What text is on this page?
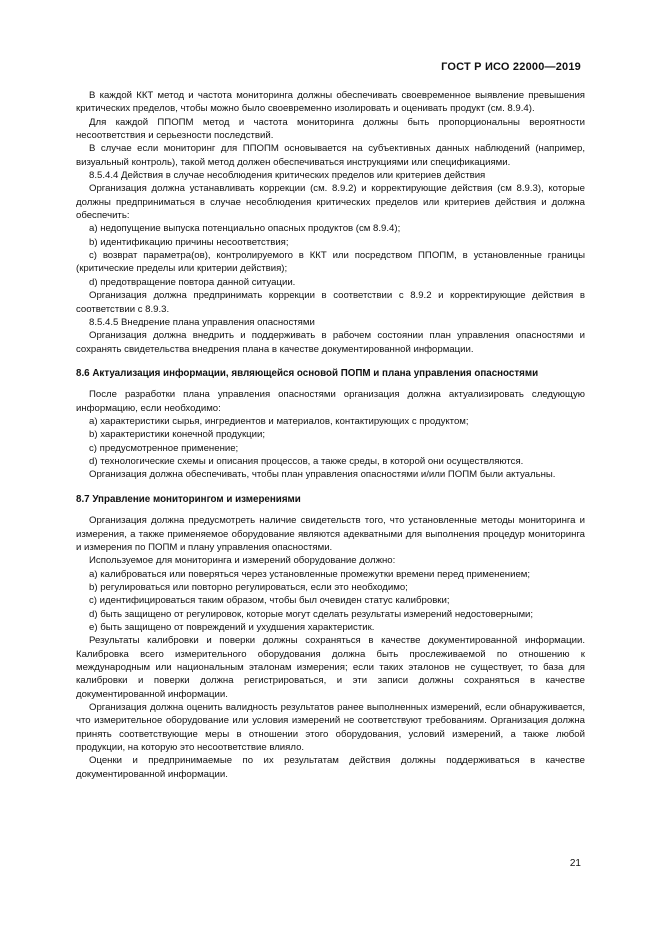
ГОСТ Р ИСО 22000—2019

В каждой ККТ метод и частота мониторинга должны обеспечивать своевременное выявление превышения критических пределов, чтобы можно было своевременно изолировать и оценивать продукт (см. 8.9.4).

Для каждой ППОПМ метод и частота мониторинга должны быть пропорциональны вероятности несоответствия и серьезности последствий.

В случае если мониторинг для ППОПМ основывается на субъективных данных наблюдений (например, визуальный контроль), такой метод должен обеспечиваться инструкциями или спецификациями.

8.5.4.4 Действия в случае несоблюдения критических пределов или критериев действия

Организация должна устанавливать коррекции (см. 8.9.2) и корректирующие действия (см 8.9.3), которые должны предприниматься в случае несоблюдения критических пределов или критериев действия и должна обеспечить:

а) недопущение выпуска потенциально опасных продуктов (см 8.9.4);

b) идентификацию причины несоответствия;

с) возврат параметра(ов), контролируемого в ККТ или посредством ППОПМ, в установленные границы (критические пределы или критерии действия);

d) предотвращение повтора данной ситуации.

Организация должна предпринимать коррекции в соответствии с 8.9.2 и корректирующие действия в соответствии с 8.9.3.

8.5.4.5 Внедрение плана управления опасностями

Организация должна внедрить и поддерживать в рабочем состоянии план управления опасностями и сохранять свидетельства внедрения плана в качестве документированной информации.

8.6 Актуализация информации, являющейся основой ПОПМ и плана управления опасностями

После разработки плана управления опасностями организация должна актуализировать следующую информацию, если необходимо:

а) характеристики сырья, ингредиентов и материалов, контактирующих с продуктом;

b) характеристики конечной продукции;

с) предусмотренное применение;

d) технологические схемы и описания процессов, а также среды, в которой они осуществляются.

Организация должна обеспечивать, чтобы план управления опасностями и/или ПОПМ были актуальны.

8.7 Управление мониторингом и измерениями

Организация должна предусмотреть наличие свидетельств того, что установленные методы мониторинга и измерения, а также применяемое оборудование являются адекватными для выполнения процедур мониторинга и измерения по ПОПМ и плану управления опасностями.

Используемое для мониторинга и измерений оборудование должно:

а) калиброваться или поверяться через установленные промежутки времени перед применением;

b) регулироваться или повторно регулироваться, если это необходимо;

с) идентифицироваться таким образом, чтобы был очевиден статус калибровки;

d) быть защищено от регулировок, которые могут сделать результаты измерений недостоверными;

е) быть защищено от повреждений и ухудшения характеристик.

Результаты калибровки и поверки должны сохраняться в качестве документированной информации. Калибровка всего измерительного оборудования должна быть прослеживаемой по отношению к международным или национальным эталонам измерения; если таких эталонов не существует, то база для калибровки и поверки должна регистрироваться, и эти записи должны сохраняться в качестве документированной информации.

Организация должна оценить валидность результатов ранее выполненных измерений, если обнаруживается, что измерительное оборудование или условия измерений не соответствуют требованиям. Организация должна принять соответствующие меры в отношении этого оборудования, условий измерений, а также любой продукции, на которую это несоответствие влияло.

Оценки и предпринимаемые по их результатам действия должны поддерживаться в качестве документированной информации.

21
